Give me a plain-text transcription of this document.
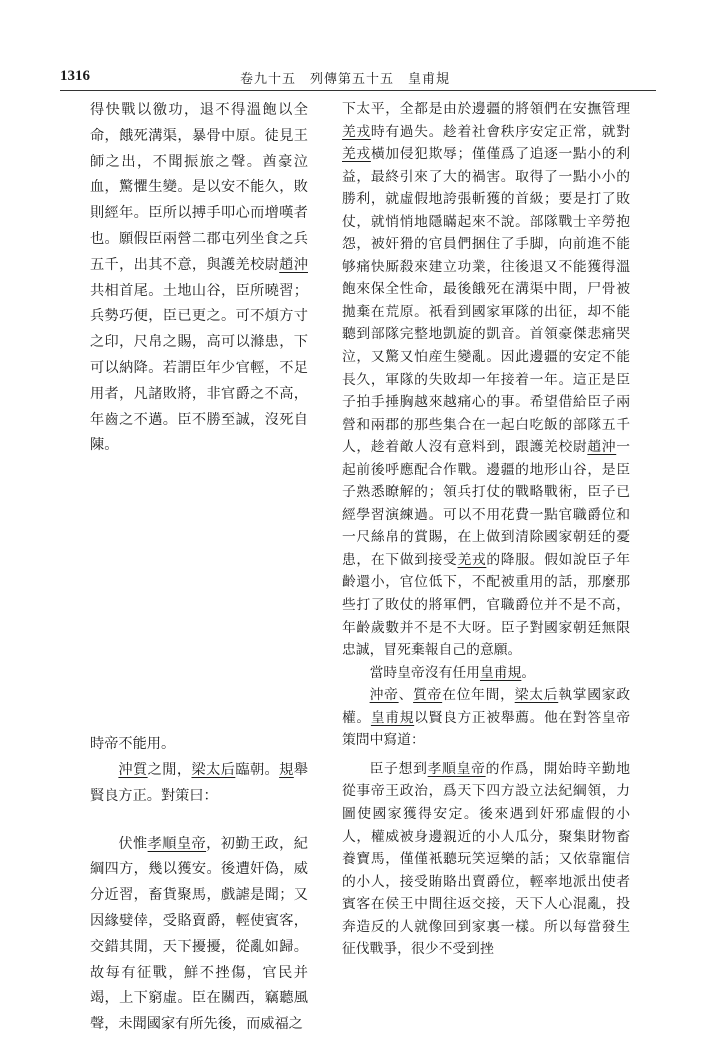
1316	卷九十五　列傳第五十五　皇甫規

得快戰以徼功，退不得溫飽以全命，餓死溝渠，暴骨中原。徒見王師之出，不聞振旅之聲。酋豪泣血，驚懼生變。是以安不能久，敗則經年。臣所以搏手叩心而增嘆者也。願假臣兩營二郡屯列坐食之兵五千，出其不意，與護羌校尉趙沖共相首尾。土地山谷，臣所曉習；兵勢巧便，臣已更之。可不煩方寸之印，尺帛之賜，高可以滌患，下可以納降。若謂臣年少官輕，不足用者，凡諸敗將，非官爵之不高，年齒之不邁。臣不勝至誠，沒死自陳。

時帝不能用。

沖質之閒，梁太后臨朝。規舉賢良方正。對策曰：

伏惟孝順皇帝，初勤王政，紀綱四方，幾以獲安。後遭奸偽，威分近習，畜貨聚馬，戲謔是聞；又因緣嬖倖，受賂賣爵，輕使賓客，交錯其閒，天下擾擾，從亂如歸。故每有征戰，鮮不挫傷，官民并竭，上下窮虛。臣在關西，竊聽風聲，未聞國家有所先後，而威福之

下太平，全都是由於邊疆的將領們在安撫管理羌戎時有過失。趁着社會秩序安定正常，就對羌戎橫加侵犯欺辱；僅僅爲了追逐一點小的利益，最終引來了大的禍害。取得了一點小小的勝利，就虛假地誇張斬獲的首級；要是打了敗仗，就悄悄地隱瞞起來不說。部隊戰士辛勞抱怨，被奸猾的官員們捆住了手脚，向前進不能够痛快厮殺來建立功業，往後退又不能獲得溫飽來保全性命，最後餓死在溝渠中間，尸骨被拋棄在荒原。祇看到國家軍隊的出征，却不能聽到部隊完整地凱旋的凱音。首領豪傑悲痛哭泣，又驚又怕産生變亂。因此邊疆的安定不能長久，軍隊的失敗却一年接着一年。這正是臣子拍手捶胸越來越痛心的事。希望借給臣子兩營和兩郡的那些集合在一起白吃飯的部隊五千人，趁着敵人沒有意料到，跟護羌校尉趙沖一起前後呼應配合作戰。邊疆的地形山谷，是臣子熟悉瞭解的；領兵打仗的戰略戰術，臣子已經學習演練過。可以不用花費一點官職爵位和一尺絲帛的賞賜，在上做到清除國家朝廷的憂患，在下做到接受羌戎的降服。假如說臣子年齡還小，官位低下，不配被重用的話，那麼那些打了敗仗的將軍們，官職爵位并不是不高，年齡歲數并不是不大呀。臣子對國家朝廷無限忠誠，冒死棄報自己的意願。

當時皇帝沒有任用皇甫規。

沖帝、質帝在位年間，梁太后執掌國家政權。皇甫規以賢良方正被舉薦。他在對答皇帝策問中寫道：

臣子想到孝順皇帝的作爲，開始時辛勤地從事帝王政治，爲天下四方設立法紀綱領，力圖使國家獲得安定。後來遇到奸邪虛假的小人，權威被身邊親近的小人瓜分，聚集財物畜養寶馬，僅僅衹聽玩笑逗樂的話；又依靠寵信的小人，接受賄賂出賣爵位，輕率地派出使者賓客在侯王中間往返交接，天下人心混亂，投奔造反的人就像回到家裏一樣。所以每當發生征伐戰爭，很少不受到挫
